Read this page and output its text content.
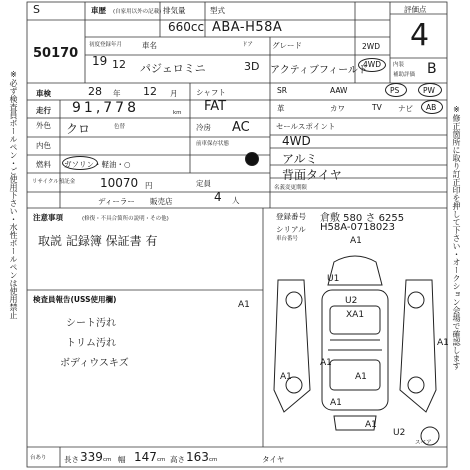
※必ず検査員ボールペン・ご使用下さい・水性ボールペンは使用禁止	※修正箇所に取り訂正印を押して下さい・オークション会場で確認します
S
50170
車歴 (自家用以外の記載) 排気量
660cc
型式
ABA-H58A
評価点
4
初度登録年月
19 12
車名
パジェロミニ
ドア	グレード
3D アクティブフィールド
2WD
4WD 内装
補助評価 B
車検	28 年 12 月
走行 91,778	km
外色 クロ	色替
内色
燃料 ガソリン・軽油・○
シャフト
FAT
冷房 AC
前車保存状態
SR	AAW	PS	PW
革	カワ	TV ナビ AB
セールスポイント
4WD
アルミ
背面タイヤ
定員
4 人
リサイクル預託金 10070 円
ディーラー 販売店
名義変更期限
登録番号 倉敷 580 さ 6255
シリアル H58A-0718023
車台番号
注意事項	(修復・不具合箇所の説明・その他)
取説 記録簿 保証書 有
検査員報告(USS使用欄)
シート汚れ
トリム汚れ
ボディウスキズ
A1
U1
U2
A1
A1
XA1
A1
A1
A1
A1
A1
U2
スペア
台あり 長さ 339 cm 幅 147 cm 高さ 163 cm	タイヤ
